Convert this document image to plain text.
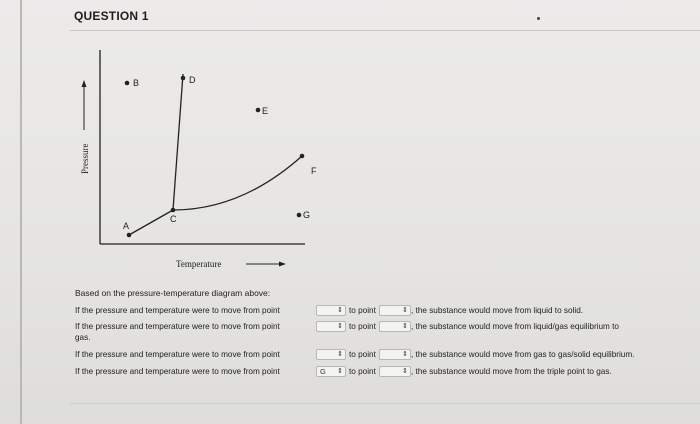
QUESTION 1
Pressure
Temperature
A
B
C
D
E
F
G
Based on the pressure-temperature diagram above:
If the pressure and temperature were to move from point	⇕ to point	⇕ , the substance would move from liquid to solid.
If the pressure and temperature were to move from point	⇕ to point	⇕ , the substance would move from liquid/gas equilibrium to
gas.
If the pressure and temperature were to move from point	⇕ to point	⇕ , the substance would move from gas to gas/solid equilibrium.
If the pressure and temperature were to move from point	G ⇕ to point	⇕ , the substance would move from the triple point to gas.
